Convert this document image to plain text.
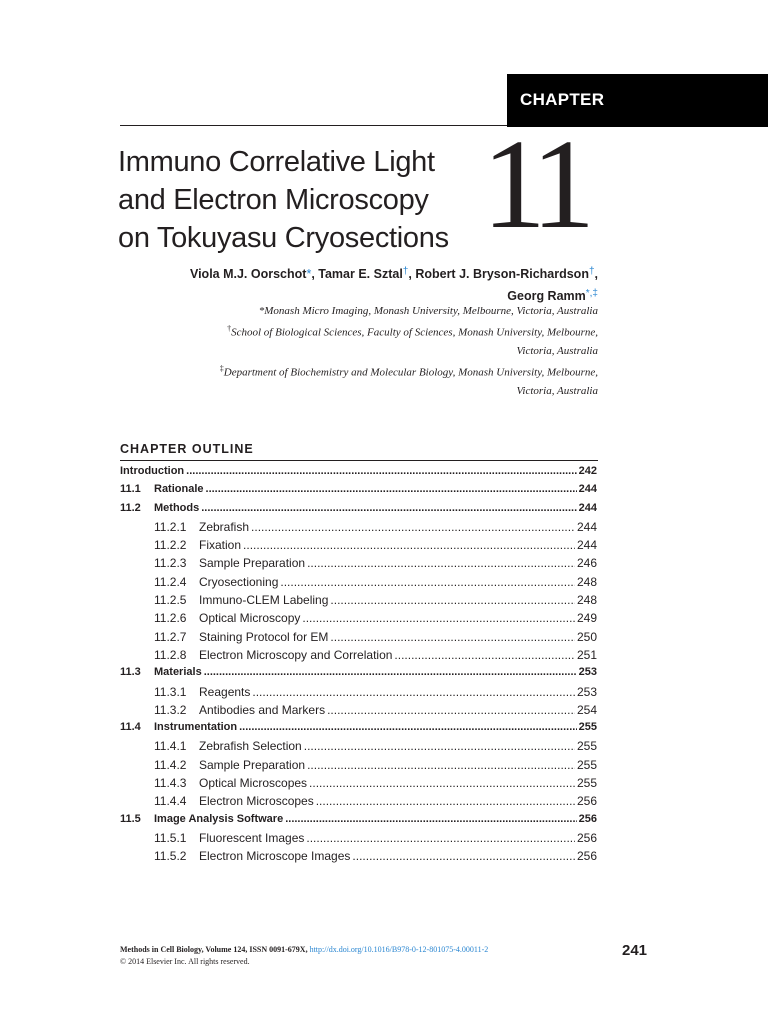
CHAPTER
Immuno Correlative Light
and Electron Microscopy
on Tokuyasu Cryosections 11
Viola M.J. Oorschot*, Tamar E. Sztal†, Robert J. Bryson-Richardson†,
Georg Ramm*,‡
*Monash Micro Imaging, Monash University, Melbourne, Victoria, Australia
†School of Biological Sciences, Faculty of Sciences, Monash University, Melbourne,
Victoria, Australia
‡Department of Biochemistry and Molecular Biology, Monash University, Melbourne,
Victoria, Australia
CHAPTER OUTLINE
Introduction .....	242
11.1	Rationale .....	244
11.2	Methods .....	244
11.2.1	Zebrafish .....	244
11.2.2	Fixation .....	244
11.2.3	Sample Preparation .....	246
11.2.4	Cryosectioning .....	248
11.2.5	Immuno-CLEM Labeling .....	248
11.2.6	Optical Microscopy .....	249
11.2.7	Staining Protocol for EM .....	250
11.2.8	Electron Microscopy and Correlation .....	251
11.3	Materials .....	253
11.3.1	Reagents .....	253
11.3.2	Antibodies and Markers .....	254
11.4	Instrumentation .....	255
11.4.1	Zebrafish Selection .....	255
11.4.2	Sample Preparation .....	255
11.4.3	Optical Microscopes .....	255
11.4.4	Electron Microscopes .....	256
11.5	Image Analysis Software .....	256
11.5.1	Fluorescent Images .....	256
11.5.2	Electron Microscope Images .....	256
Methods in Cell Biology, Volume 124, ISSN 0091-679X, http://dx.doi.org/10.1016/B978-0-12-801075-4.00011-2
© 2014 Elsevier Inc. All rights reserved.
241
